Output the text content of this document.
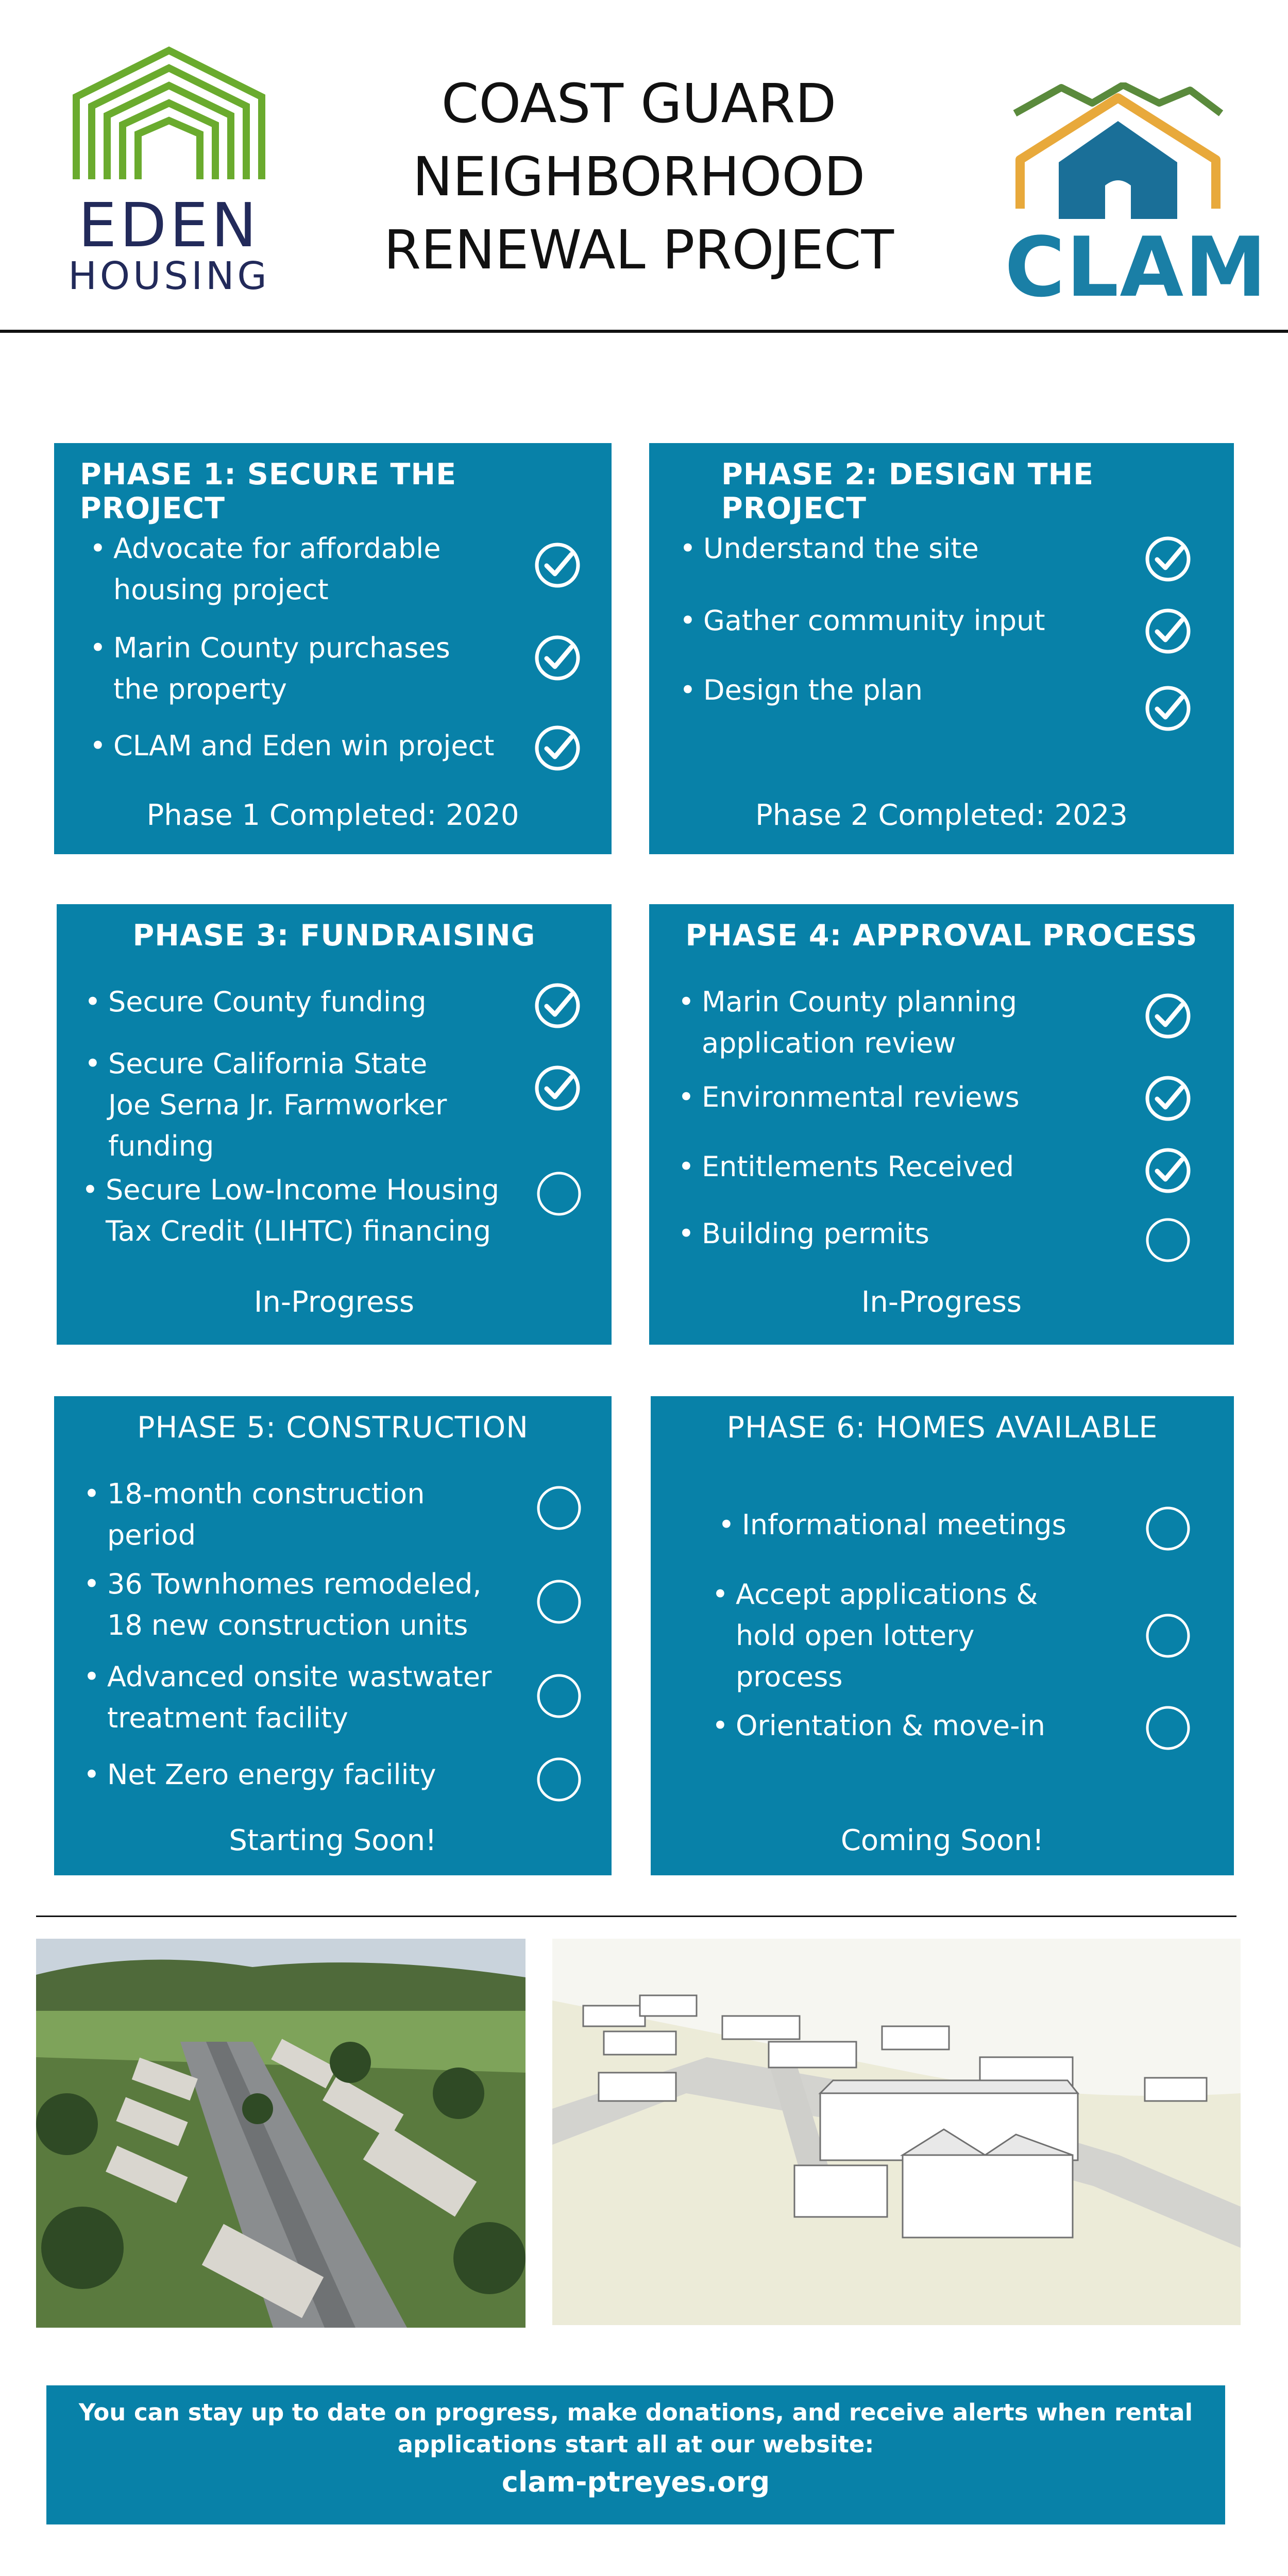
EDEN
HOUSING
COAST GUARD
NEIGHBORHOOD
RENEWAL PROJECT	CLAM
PHASE 1: SECURE THE PROJECT
• Advocate for affordable
housing project
• Marin County purchases
the property
• CLAM and Eden win project
Phase 1 Completed: 2020
PHASE 2: DESIGN THE PROJECT
• Understand the site
• Gather community input
• Design the plan
Phase 2 Completed: 2023
PHASE 3: FUNDRAISING
• Secure County funding
• Secure California State
Joe Serna Jr. Farmworker
funding
• Secure Low-Income Housing
Tax Credit (LIHTC) financing
In-Progress
PHASE 4: APPROVAL PROCESS
• Marin County planning
application review
• Environmental reviews
• Entitlements Received
• Building permits
In-Progress
PHASE 5: CONSTRUCTION
• 18-month construction
period
• 36 Townhomes remodeled,
18 new construction units
• Advanced onsite wastwater
treatment facility
• Net Zero energy facility
Starting Soon!
PHASE 6: HOMES AVAILABLE
• Informational meetings
• Accept applications &
hold open lottery
process
• Orientation & move-in
Coming Soon!
You can stay up to date on progress, make donations, and receive alerts when rental
applications start all at our website:
clam-ptreyes.org
